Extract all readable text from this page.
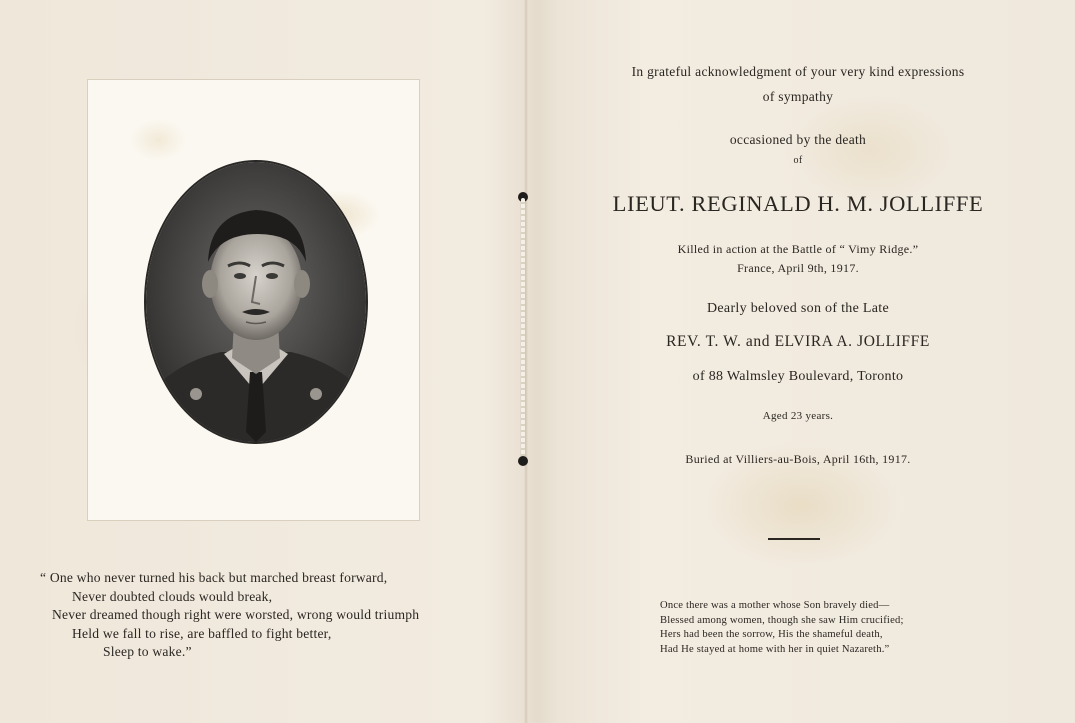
“ One who never turned his back but marched breast forward,
Never doubted clouds would break,
Never dreamed though right were worsted, wrong would triumph
Held we fall to rise, are baffled to fight better,
Sleep to wake.”
In grateful acknowledgment of your very kind expressions
of sympathy
occasioned by the death
of
LIEUT. REGINALD H. M. JOLLIFFE
Killed in action at the Battle of “ Vimy Ridge.”
France, April 9th, 1917.
Dearly beloved son of the Late
REV. T. W. and ELVIRA A. JOLLIFFE
of 88 Walmsley Boulevard, Toronto
Aged 23 years.
Buried at Villiers-au-Bois, April 16th, 1917.
Once there was a mother whose Son bravely died—
Blessed among women, though she saw Him crucified;
Hers had been the sorrow, His the shameful death,
Had He stayed at home with her in quiet Nazareth.”
